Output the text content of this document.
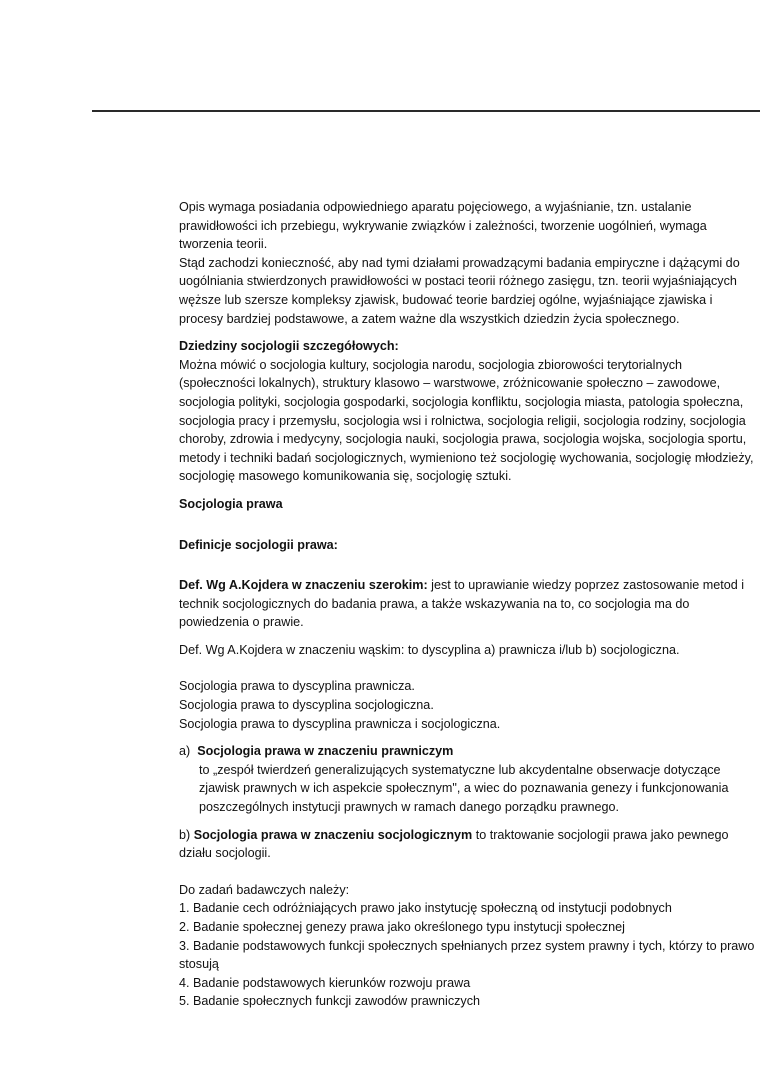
Opis wymaga posiadania odpowiedniego aparatu pojęciowego, a wyjaśnianie, tzn. ustalanie prawidłowości ich przebiegu, wykrywanie związków i zależności, tworzenie uogólnień, wymaga tworzenia teorii.

Stąd zachodzi konieczność, aby nad tymi działami prowadzącymi badania empiryczne i dążącymi do uogólniania stwierdzonych prawidłowości w postaci teorii różnego zasięgu, tzn. teorii wyjaśniających węższe lub szersze kompleksy zjawisk, budować teorie bardziej ogólne, wyjaśniające zjawiska i procesy bardziej podstawowe, a zatem ważne dla wszystkich dziedzin życia społecznego.

Dziedziny socjologii szczegółowych:

Można mówić o socjologia kultury, socjologia narodu, socjologia zbiorowości terytorialnych (społeczności lokalnych), struktury klasowo – warstwowe, zróżnicowanie społeczno – zawodowe, socjologia polityki, socjologia gospodarki, socjologia konfliktu, socjologia miasta, patologia społeczna, socjologia pracy i przemysłu, socjologia wsi i rolnictwa, socjologia religii, socjologia rodziny, socjologia choroby, zdrowia i medycyny, socjologia nauki, socjologia prawa, socjologia wojska, socjologia sportu, metody i techniki badań socjologicznych, wymieniono też socjologię wychowania, socjologię młodzieży, socjologię masowego komunikowania się, socjologię sztuki.

Socjologia prawa

Definicje socjologii prawa:

Def. Wg A.Kojdera w znaczeniu szerokim: jest to uprawianie wiedzy poprzez zastosowanie metod i technik socjologicznych do badania prawa, a także wskazywania na to, co socjologia ma do powiedzenia o prawie.

Def. Wg A.Kojdera w znaczeniu wąskim: to dyscyplina a) prawnicza i/lub b) socjologiczna.

Socjologia prawa to dyscyplina prawnicza.

Socjologia prawa to dyscyplina socjologiczna.

Socjologia prawa to dyscyplina prawnicza i socjologiczna.

a) Socjologia prawa w znaczeniu prawniczym

to „zespół twierdzeń generalizujących systematyczne lub akcydentalne obserwacje dotyczące zjawisk prawnych w ich aspekcie społecznym", a wiec do poznawania genezy i funkcjonowania poszczególnych instytucji prawnych w ramach danego porządku prawnego.

b) Socjologia prawa w znaczeniu socjologicznym to traktowanie socjologii prawa jako pewnego działu socjologii.

Do zadań badawczych należy:

1. Badanie cech odróżniających prawo jako instytucję społeczną od instytucji podobnych
2. Badanie społecznej genezy prawa jako określonego typu instytucji społecznej
3. Badanie podstawowych funkcji społecznych spełnianych przez system prawny i tych, którzy to prawo stosują
4. Badanie podstawowych kierunków rozwoju prawa
5. Badanie społecznych funkcji zawodów prawniczych
